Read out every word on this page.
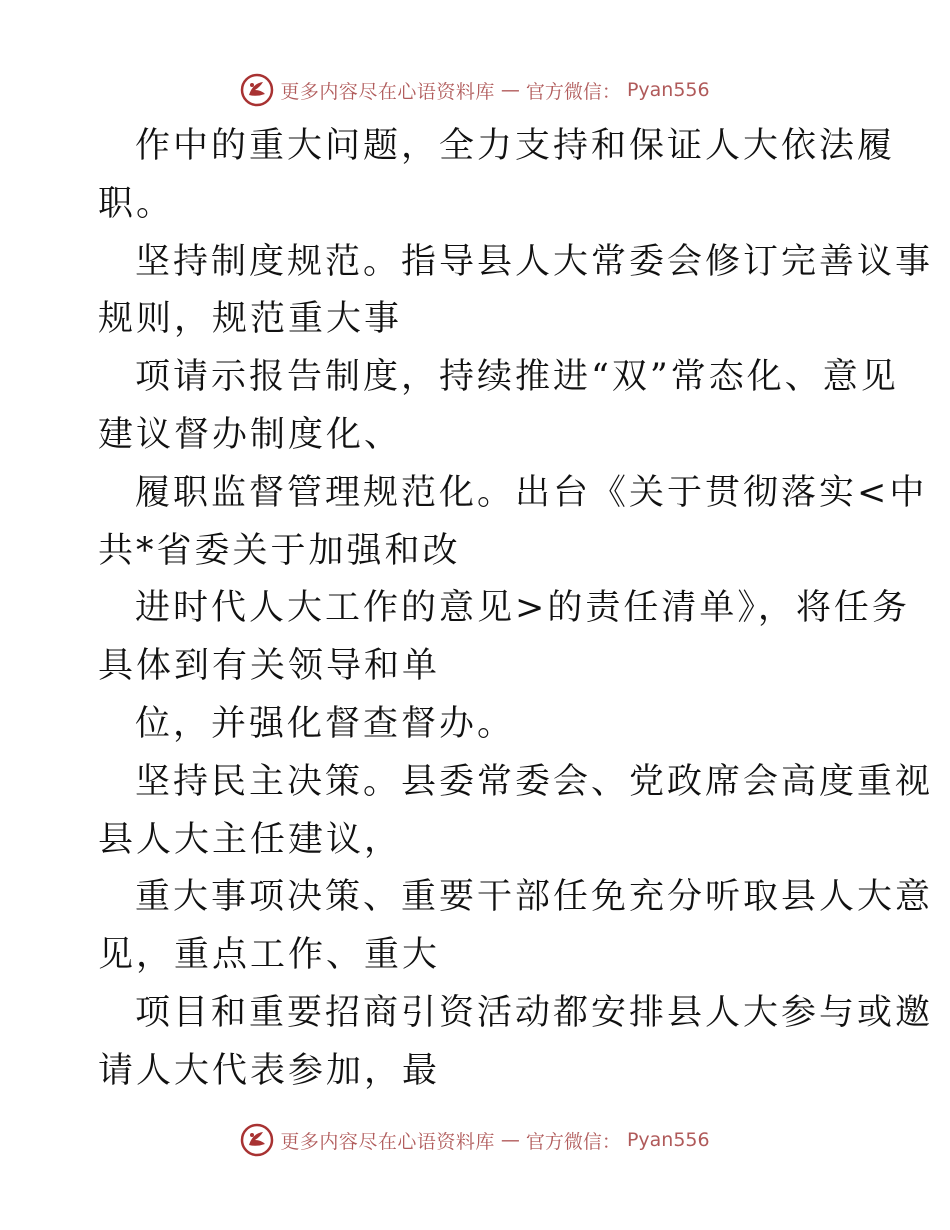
更多内容尽在心语资料库 — 官方微信： Pyan556
作中的重大问题，全力支持和保证人大依法履
职。
坚持制度规范。指导县人大常委会修订完善议事
规则，规范重大事
项请示报告制度，持续推进“双”常态化、意见
建议督办制度化、
履职监督管理规范化。出台《关于贯彻落实<中
共*省委关于加强和改
进时代人大工作的意见>的责任清单》，将任务
具体到有关领导和单
位，并强化督查督办。
坚持民主决策。县委常委会、党政席会高度重视
县人大主任建议，
重大事项决策、重要干部任免充分听取县人大意
见，重点工作、重大
项目和重要招商引资活动都安排县人大参与或邀
请人大代表参加，最
更多内容尽在心语资料库 — 官方微信： Pyan556
